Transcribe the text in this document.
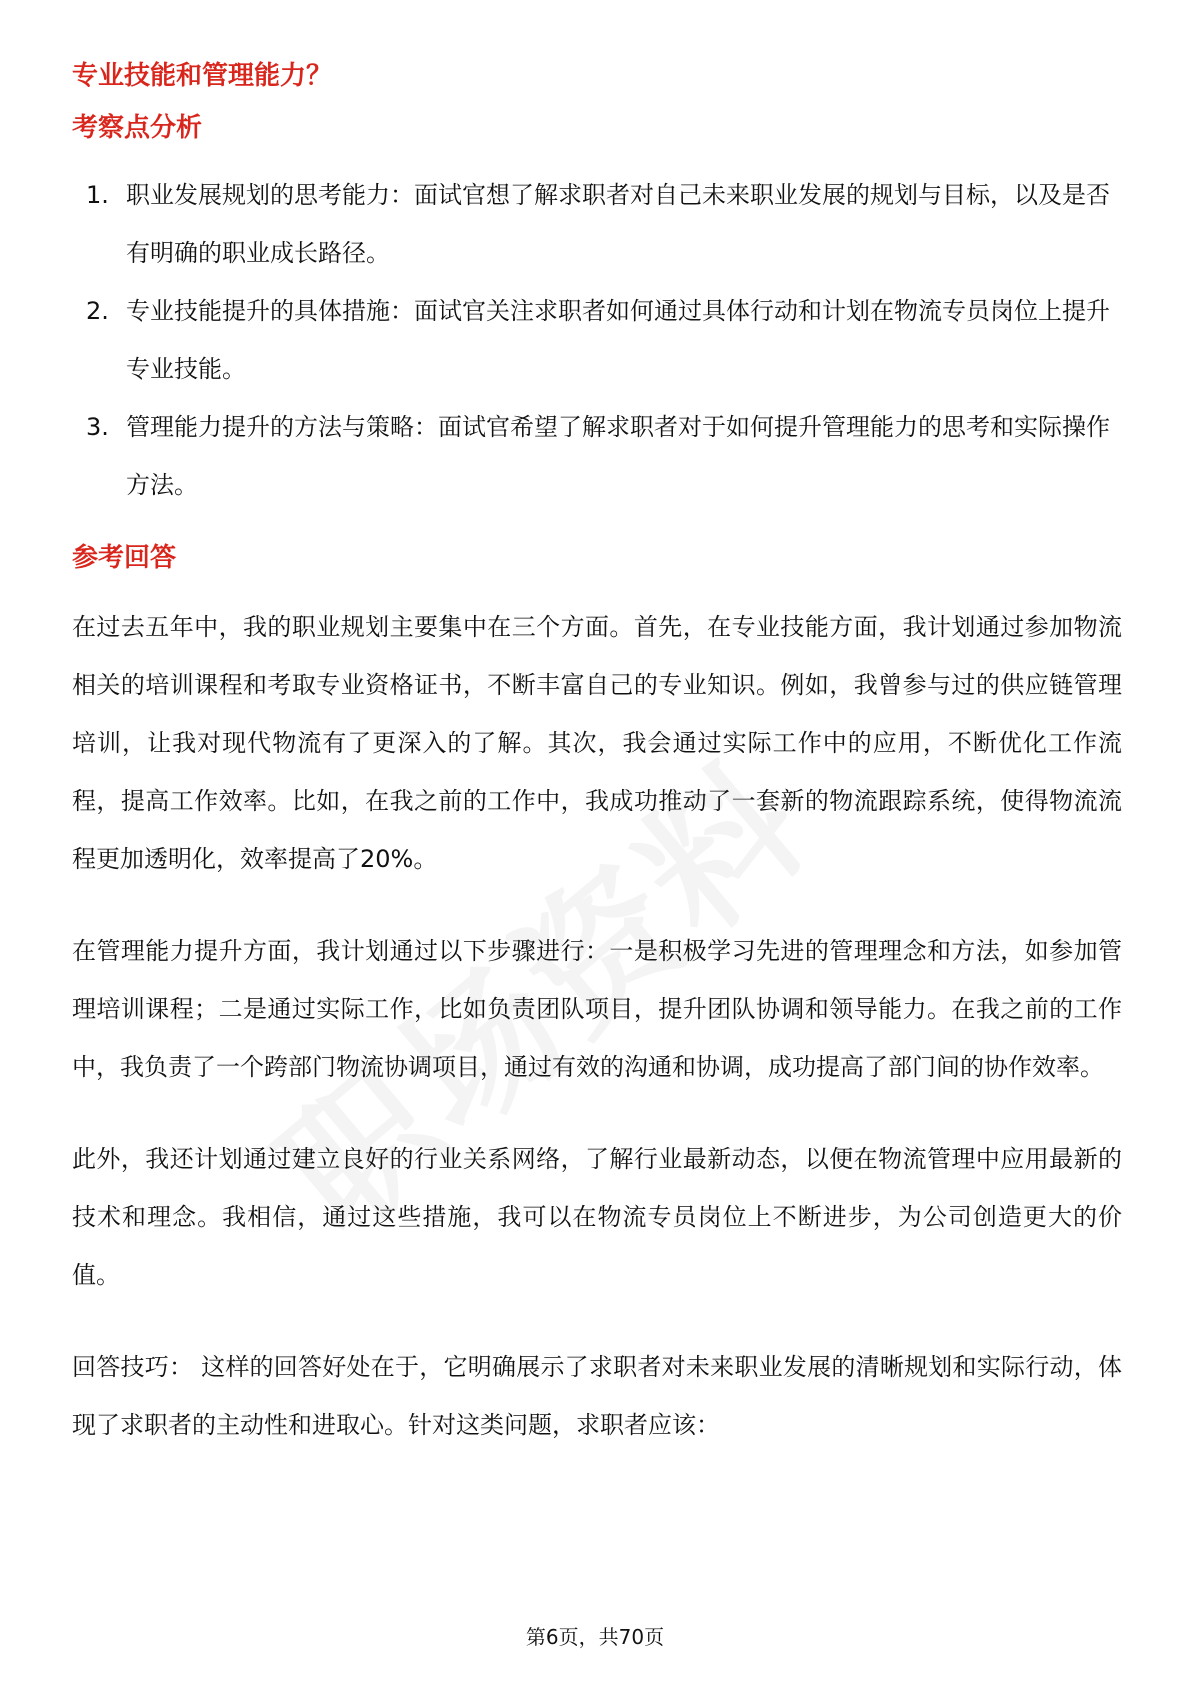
专业技能和管理能力？
考察点分析
1. 职业发展规划的思考能力：面试官想了解求职者对自己未来职业发展的规划与目标，以及是否有明确的职业成长路径。
2. 专业技能提升的具体措施：面试官关注求职者如何通过具体行动和计划在物流专员岗位上提升专业技能。
3. 管理能力提升的方法与策略：面试官希望了解求职者对于如何提升管理能力的思考和实际操作方法。
参考回答

在过去五年中，我的职业规划主要集中在三个方面。首先，在专业技能方面，我计划通过参加物流相关的培训课程和考取专业资格证书，不断丰富自己的专业知识。例如，我曾参与过的供应链管理培训，让我对现代物流有了更深入的了解。其次，我会通过实际工作中的应用，不断优化工作流程，提高工作效率。比如，在我之前的工作中，我成功推动了一套新的物流跟踪系统，使得物流流程更加透明化，效率提高了20%。

在管理能力提升方面，我计划通过以下步骤进行：一是积极学习先进的管理理念和方法，如参加管理培训课程；二是通过实际工作，比如负责团队项目，提升团队协调和领导能力。在我之前的工作中，我负责了一个跨部门物流协调项目，通过有效的沟通和协调，成功提高了部门间的协作效率。

此外，我还计划通过建立良好的行业关系网络，了解行业最新动态，以便在物流管理中应用最新的技术和理念。我相信，通过这些措施，我可以在物流专员岗位上不断进步，为公司创造更大的价值。

回答技巧： 这样的回答好处在于，它明确展示了求职者对未来职业发展的清晰规划和实际行动，体现了求职者的主动性和进取心。针对这类问题，求职者应该：

第6页，共70页
